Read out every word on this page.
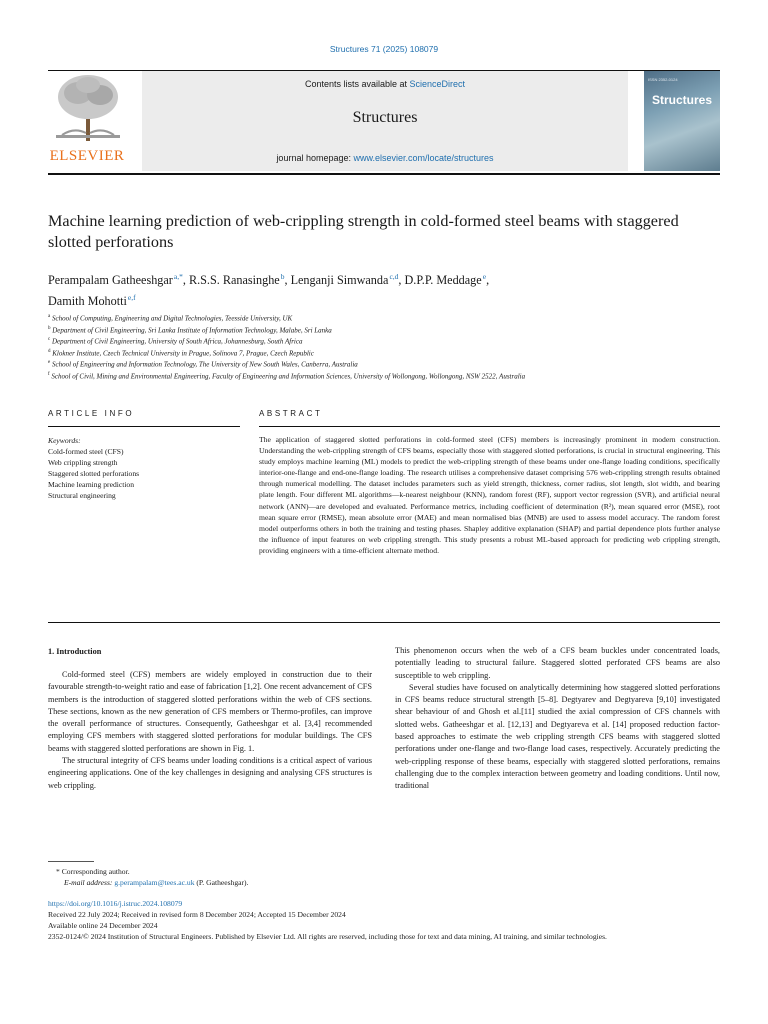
Structures 71 (2025) 108079
ELSEVIER
Contents lists available at ScienceDirect
Structures
journal homepage: www.elsevier.com/locate/structures
ISSN 2352-0124
Structures
Machine learning prediction of web-crippling strength in cold-formed steel beams with staggered slotted perforations
Perampalam Gatheeshgar $^{a,*}$, R.S.S. Ranasinghe $^b$, Lenganji Simwanda $^{c,d}$, D.P.P. Meddage $^e$,
Damith Mohotti $^{e,f}$
$^a$ School of Computing, Engineering and Digital Technologies, Teesside University, UK
$^b$ Department of Civil Engineering, Sri Lanka Institute of Information Technology, Malabe, Sri Lanka
$^c$ Department of Civil Engineering, University of South Africa, Johannesburg, South Africa
$^d$ Klokner Institute, Czech Technical University in Prague, Solinova 7, Prague, Czech Republic
$^e$ School of Engineering and Information Technology, The University of New South Wales, Canberra, Australia
$^f$ School of Civil, Mining and Environmental Engineering, Faculty of Engineering and Information Sciences, University of Wollongong, Wollongong, NSW 2522, Australia
ARTICLE INFO
Keywords:
Cold-formed steel (CFS)
Web crippling strength
Staggered slotted perforations
Machine learning prediction
Structural engineering
ABSTRACT
The application of staggered slotted perforations in cold-formed steel (CFS) members is increasingly prominent in modern construction. Understanding the web-crippling strength of CFS beams, especially those with staggered slotted perforations, is crucial in structural engineering. This study employs machine learning (ML) models to predict the web-crippling strength of these beams under one-flange loading conditions, specifically interior-one-flange and end-one-flange loading. The research utilises a comprehensive dataset comprising 576 web-crippling strength results obtained through numerical modelling. The dataset includes parameters such as yield strength, thickness, corner radius, slot length, slot width, and bearing plate length. Four different ML algorithms—k-nearest neighbour (KNN), random forest (RF), support vector regression (SVR), and artificial neural network (ANN)—are developed and evaluated. Performance metrics, including coefficient of determination (R²), mean squared error (MSE), root mean square error (RMSE), mean absolute error (MAE) and mean normalised bias (MNB) are used to assess model accuracy. The random forest model outperforms others in both the training and testing phases. Shapley additive explanation (SHAP) and partial dependence plots further analyse the influence of input features on web crippling strength. This study presents a robust ML-based approach for predicting web crippling strength, providing engineers with a time-efficient alternate method.
1. Introduction

Cold-formed steel (CFS) members are widely employed in construction due to their favourable strength-to-weight ratio and ease of fabrication [1,2]. One recent advancement of CFS members is the introduction of staggered slotted perforations within the web of CFS sections. These sections, known as the new generation of CFS members or Thermo-profiles, can improve the overall performance of structures. Consequently, Gatheeshgar et al. [3,4] recommended employing CFS members with staggered slotted perforations for modular buildings. The CFS beams with staggered slotted perforations are shown in Fig. 1.

The structural integrity of CFS beams under loading conditions is a critical aspect of various engineering applications. One of the key challenges in designing and analysing CFS structures is web crippling.

This phenomenon occurs when the web of a CFS beam buckles under concentrated loads, potentially leading to structural failure. Staggered slotted perforated CFS beams are also susceptible to web crippling.

Several studies have focused on analytically determining how staggered slotted perforations in CFS beams reduce structural strength [5–8]. Degtyarev and Degtyareva [9,10] investigated shear behaviour of and Ghosh et al.[11] studied the axial compression of CFS channels with slotted webs. Gatheeshgar et al. [12,13] and Degtyareva et al. [14] proposed reduction factor-based approaches to estimate the web crippling strength CFS beams with staggered slotted perforations under one-flange and two-flange load cases, respectively. Accurately predicting the web-crippling response of these beams, especially with staggered slotted perforations, remains challenging due to the complex interaction between geometry and loading conditions. Until now, traditional

* Corresponding author.
E-mail address: g.perampalam@tees.ac.uk (P. Gatheeshgar).
https://doi.org/10.1016/j.istruc.2024.108079
Received 22 July 2024; Received in revised form 8 December 2024; Accepted 15 December 2024
Available online 24 December 2024
2352-0124/© 2024 Institution of Structural Engineers. Published by Elsevier Ltd. All rights are reserved, including those for text and data mining, AI training, and similar technologies.
